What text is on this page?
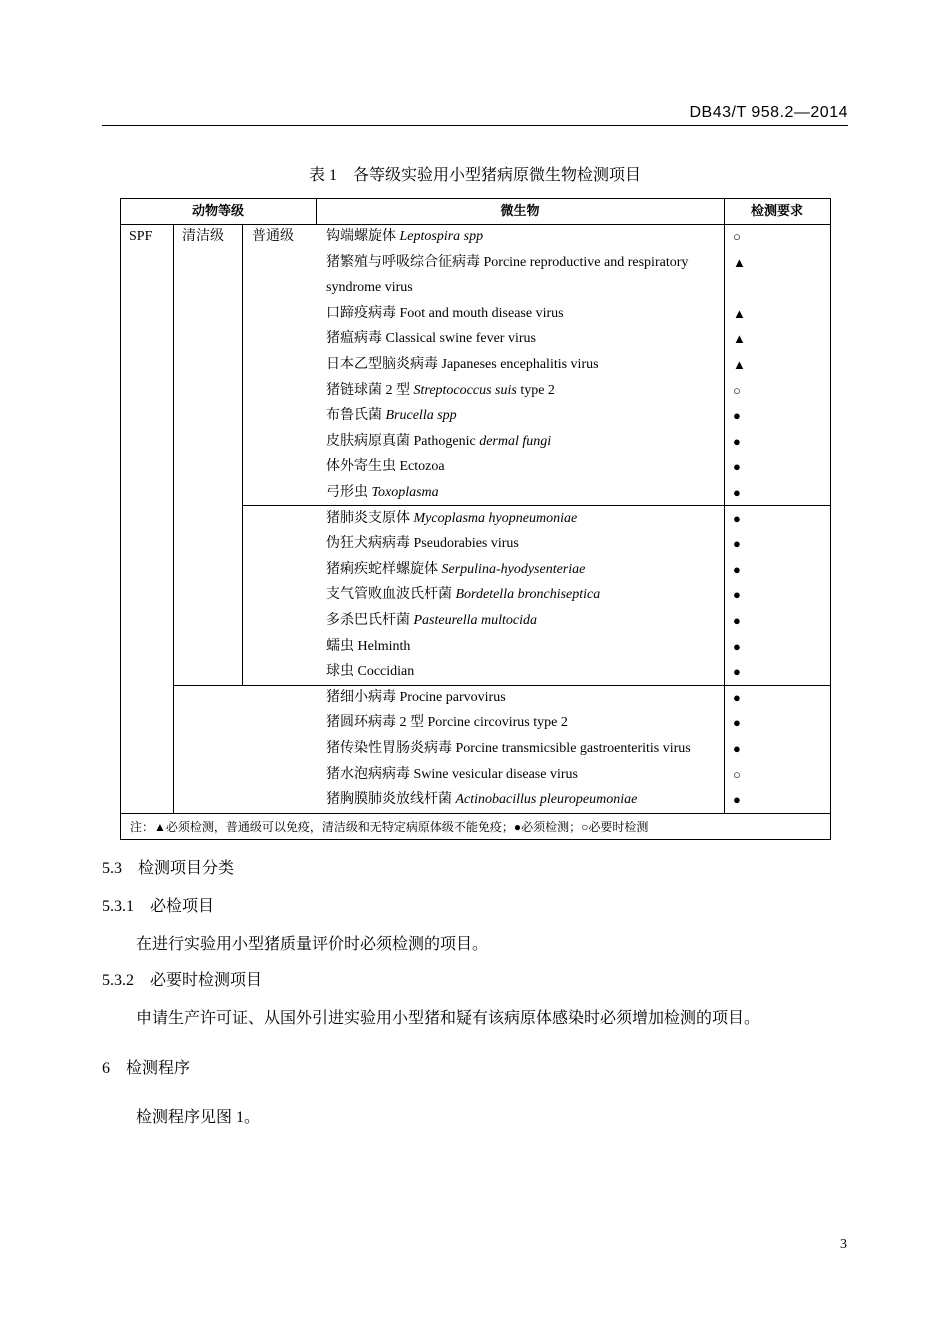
DB43/T 958.2—2014
表 1 各等级实验用小型猪病原微生物检测项目
动物等级	微生物	检测要求
SPF 清洁级 普通级 钩端螺旋体 Leptospira spp	○
猪繁殖与呼吸综合征病毒 Porcine reproductive and respiratory	▲
syndrome virus
口蹄疫病毒 Foot and mouth disease virus	▲
猪瘟病毒 Classical swine fever virus	▲
日本乙型脑炎病毒 Japaneses encephalitis virus	▲
猪链球菌 2 型 Streptococcus suis type 2	○
布鲁氏菌 Brucella spp	●
皮肤病原真菌 Pathogenic dermal fungi	●
体外寄生虫 Ectozoa	●
弓形虫 Toxoplasma	●
猪肺炎支原体 Mycoplasma hyopneumoniae	●
伪狂犬病病毒 Pseudorabies virus	●
猪痢疾蛇样螺旋体 Serpulina-hyodysenteriae	●
支气管败血波氏杆菌 Bordetella bronchiseptica	●
多杀巴氏杆菌 Pasteurella multocida	●
蠕虫 Helminth	●
球虫 Coccidian	●
猪细小病毒 Procine parvovirus	●
猪圆环病毒 2 型 Porcine circovirus type 2	●
猪传染性胃肠炎病毒 Porcine transmicsible gastroenteritis virus	●
猪水泡病病毒 Swine vesicular disease virus	○
猪胸膜肺炎放线杆菌 Actinobacillus pleuropeumoniae	●
注：▲必须检测，普通级可以免疫，清洁级和无特定病原体级不能免疫；●必须检测；○必要时检测
5.3 检测项目分类
5.3.1 必检项目
在进行实验用小型猪质量评价时必须检测的项目。
5.3.2 必要时检测项目
申请生产许可证、从国外引进实验用小型猪和疑有该病原体感染时必须增加检测的项目。
6 检测程序
检测程序见图 1。
3
